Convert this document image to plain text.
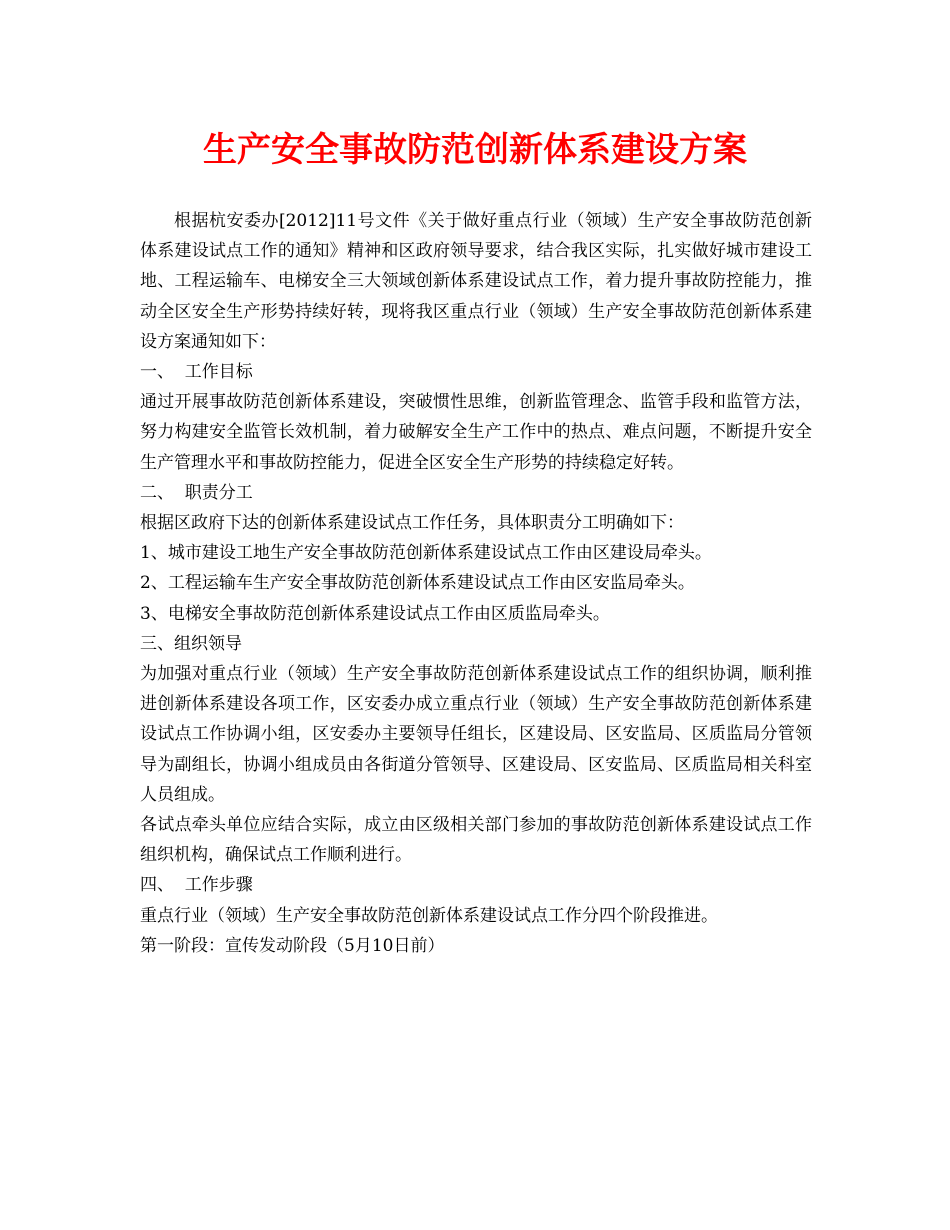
生产安全事故防范创新体系建设方案

根据杭安委办[2012]11号文件《关于做好重点行业（领域）生产安全事故防范创新体系建设试点工作的通知》精神和区政府领导要求，结合我区实际，扎实做好城市建设工地、工程运输车、电梯安全三大领域创新体系建设试点工作，着力提升事故防控能力，推动全区安全生产形势持续好转，现将我区重点行业（领域）生产安全事故防范创新体系建设方案通知如下：

一、  工作目标

通过开展事故防范创新体系建设，突破惯性思维，创新监管理念、监管手段和监管方法，努力构建安全监管长效机制，着力破解安全生产工作中的热点、难点问题，不断提升安全生产管理水平和事故防控能力，促进全区安全生产形势的持续稳定好转。

二、  职责分工

根据区政府下达的创新体系建设试点工作任务，具体职责分工明确如下：

1、城市建设工地生产安全事故防范创新体系建设试点工作由区建设局牵头。

2、工程运输车生产安全事故防范创新体系建设试点工作由区安监局牵头。

3、电梯安全事故防范创新体系建设试点工作由区质监局牵头。

三、组织领导

为加强对重点行业（领域）生产安全事故防范创新体系建设试点工作的组织协调，顺利推进创新体系建设各项工作，区安委办成立重点行业（领域）生产安全事故防范创新体系建设试点工作协调小组，区安委办主要领导任组长，区建设局、区安监局、区质监局分管领导为副组长，协调小组成员由各街道分管领导、区建设局、区安监局、区质监局相关科室人员组成。

各试点牵头单位应结合实际，成立由区级相关部门参加的事故防范创新体系建设试点工作组织机构，确保试点工作顺利进行。

四、  工作步骤

重点行业（领域）生产安全事故防范创新体系建设试点工作分四个阶段推进。

第一阶段：宣传发动阶段（5月10日前）
